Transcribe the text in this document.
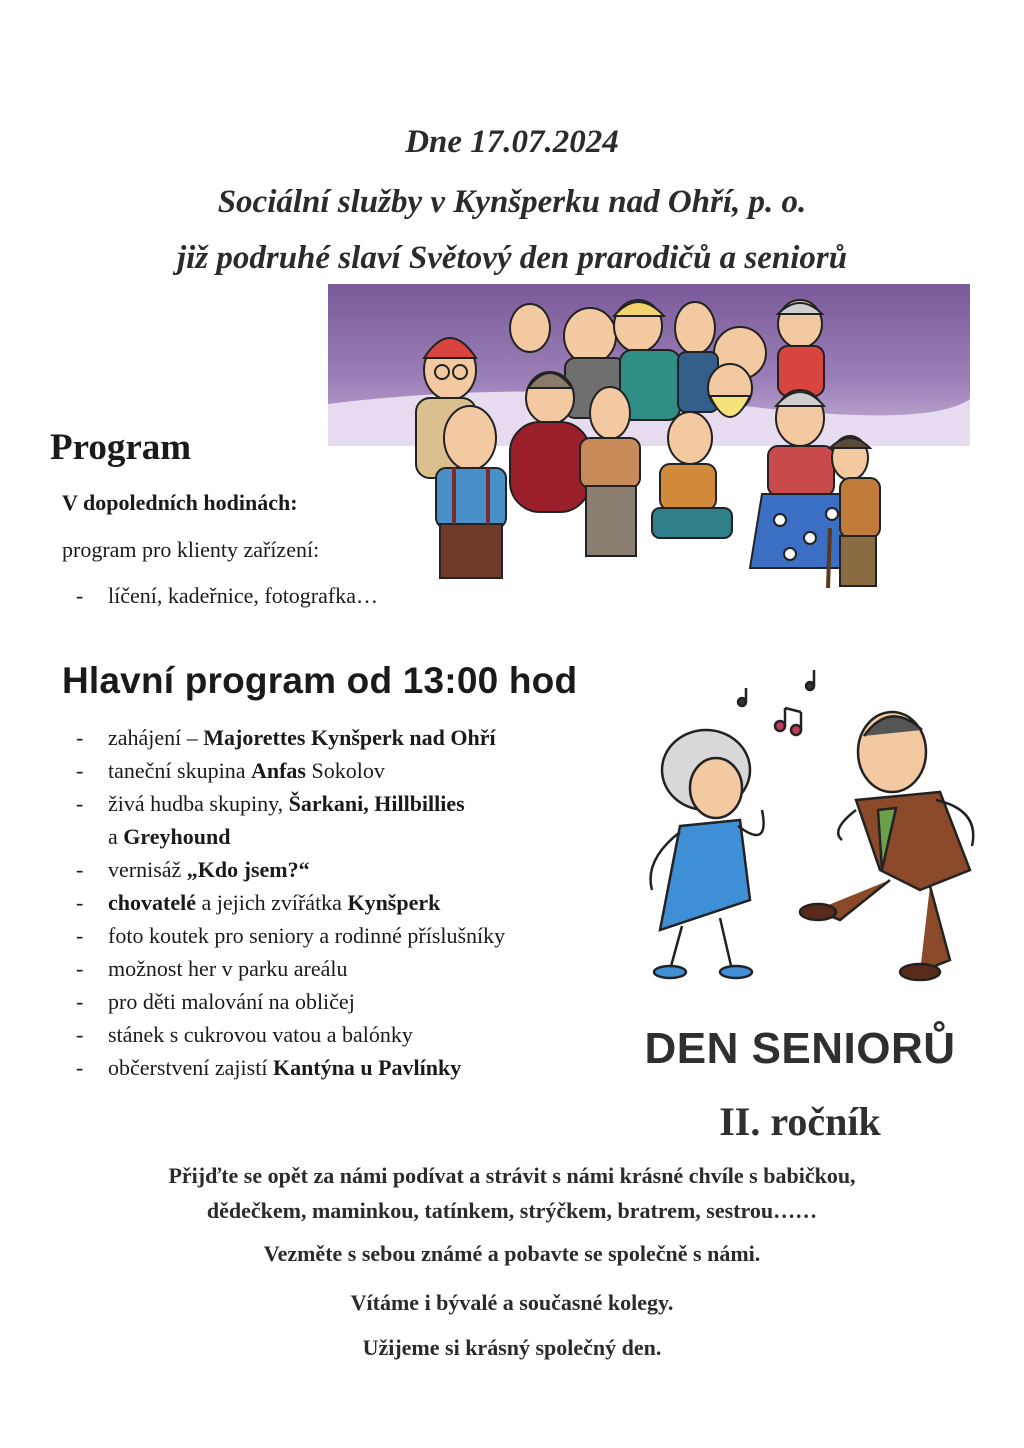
Dne 17.07.2024
Sociální služby v Kynšperku nad Ohří, p. o.
již podruhé slaví Světový den prarodičů a seniorů
Program
V dopoledních hodinách:
program pro klienty zařízení:
- líčení, kadeřnice, fotografka…
Hlavní program od 13:00 hod
-	zahájení – Majorettes Kynšperk nad Ohří
-	taneční skupina Anfas Sokolov
-	živá hudba skupiny, Šarkani, Hillbillies
a Greyhound
-	vernisáž „Kdo jsem?“
-	chovatelé a jejich zvířátka Kynšperk
-	foto koutek pro seniory a rodinné příslušníky
-	možnost her v parku areálu
-	pro děti malování na obličej
-	stánek s cukrovou vatou a balónky
-	občerstvení zajistí Kantýna u Pavlínky	DEN SENIORŮ
II. ročník
Přijďte se opět za námi podívat a strávit s námi krásné chvíle s babičkou,
dědečkem, maminkou, tatínkem, strýčkem, bratrem, sestrou……
Vezměte s sebou známé a pobavte se společně s námi.
Vítáme i bývalé a současné kolegy.
Užijeme si krásný společný den.
